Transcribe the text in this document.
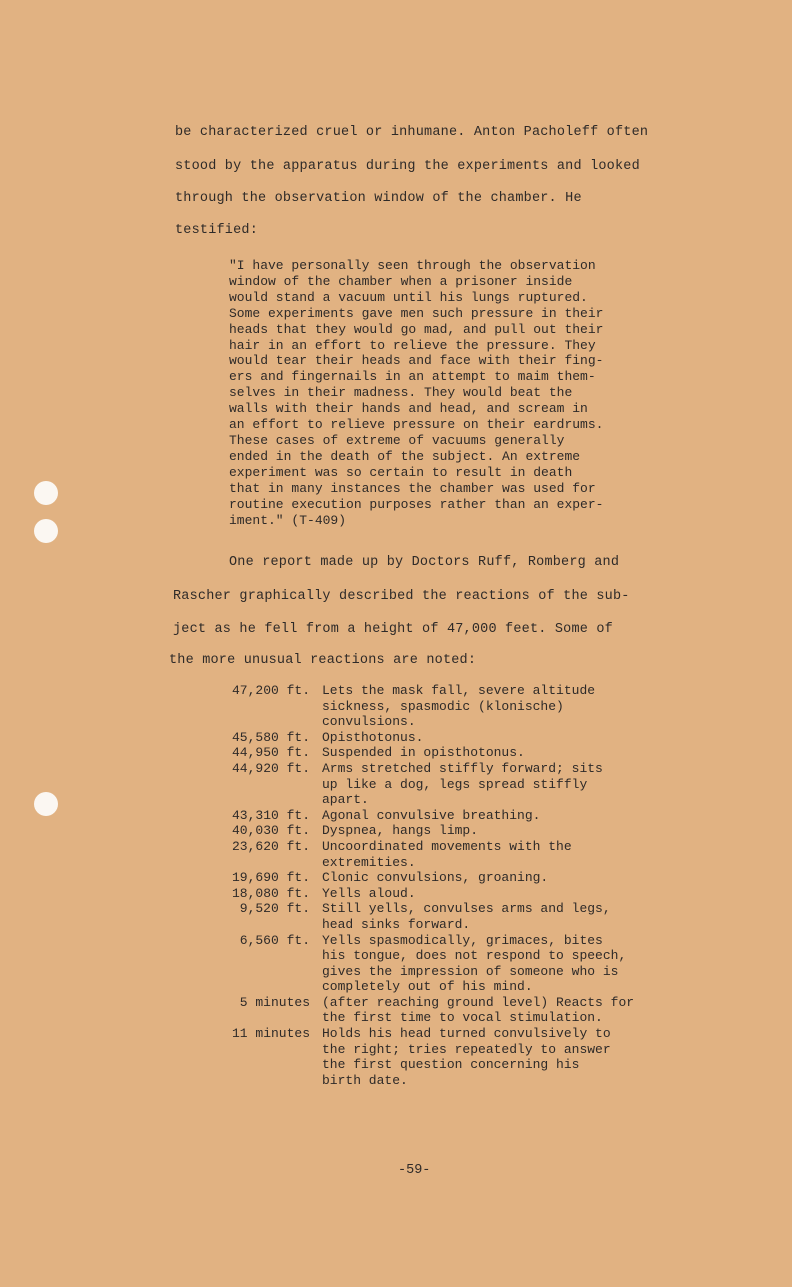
be characterized cruel or inhumane. Anton Pacholeff often
stood by the apparatus during the experiments and looked
through the observation window of the chamber. He
testified:
"I have personally seen through the observation
window of the chamber when a prisoner inside
would stand a vacuum until his lungs ruptured.
Some experiments gave men such pressure in their
heads that they would go mad, and pull out their
hair in an effort to relieve the pressure. They
would tear their heads and face with their fing-
ers and fingernails in an attempt to maim them-
selves in their madness. They would beat the
walls with their hands and head, and scream in
an effort to relieve pressure on their eardrums.
These cases of extreme of vacuums generally
ended in the death of the subject. An extreme
experiment was so certain to result in death
that in many instances the chamber was used for
routine execution purposes rather than an exper-
iment." (T-409)
One report made up by Doctors Ruff, Romberg and
Rascher graphically described the reactions of the sub-
ject as he fell from a height of 47,000 feet. Some of
the more unusual reactions are noted:
47,200 ft. Lets the mask fall, severe altitude
sickness, spasmodic (klonische)
convulsions.
45,580 ft. Opisthotonus.
44,950 ft. Suspended in opisthotonus.
44,920 ft. Arms stretched stiffly forward; sits
up like a dog, legs spread stiffly
apart.
43,310 ft. Agonal convulsive breathing.
40,030 ft. Dyspnea, hangs limp.
23,620 ft. Uncoordinated movements with the
extremities.
19,690 ft. Clonic convulsions, groaning.
18,080 ft. Yells aloud.
9,520 ft. Still yells, convulses arms and legs,
head sinks forward.
6,560 ft. Yells spasmodically, grimaces, bites
his tongue, does not respond to speech,
gives the impression of someone who is
completely out of his mind.
5 minutes (after reaching ground level) Reacts for
the first time to vocal stimulation.
11 minutes Holds his head turned convulsively to
the right; tries repeatedly to answer
the first question concerning his
birth date.
-59-
